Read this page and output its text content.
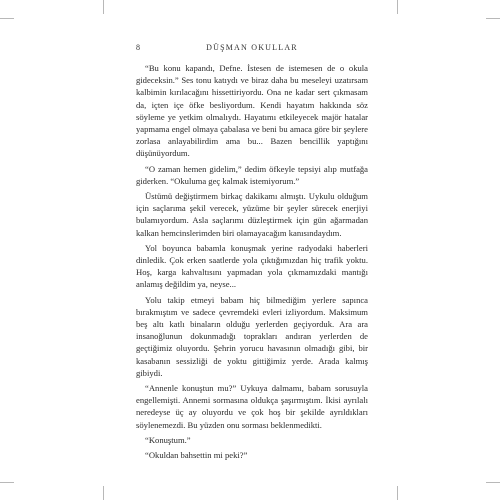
8	DÜŞMAN OKULLAR

“Bu konu kapandı, Defne. İstesen de istemesen de o okula gideceksin.” Ses tonu katıydı ve biraz daha bu meseleyi uzatırsam kalbimin kırılacağını hissettiriyordu. Ona ne kadar sert çıkmasam da, içten içe öfke besliyordum. Kendi hayatım hakkında söz söyleme ye yetkim olmalıydı. Hayatımı etkileyecek majör hatalar yapmama engel olmaya çabalasa ve beni bu amaca göre bir şeylere zorlasa anlayabilirdim ama bu... Bazen bencillik yaptığını düşünüyordum.

“O zaman hemen gidelim,” dedim öfkeyle tepsiyi alıp mutfağa giderken. “Okuluma geç kalmak istemiyorum.”

Üstümü değiştirmem birkaç dakikamı almıştı. Uykulu olduğum için saçlarıma şekil verecek, yüzüme bir şeyler sürecek enerjiyi bulamıyordum. Asla saçlarımı düzleştirmek için gün ağarmadan kalkan hemcinslerimden biri olamayacağım kanısındaydım.

Yol boyunca babamla konuşmak yerine radyodaki haberleri dinledik. Çok erken saatlerde yola çıktığımızdan hiç trafik yoktu. Hoş, karga kahvaltısını yapmadan yola çıkmamızdaki mantığı anlamış değildim ya, neyse...

Yolu takip etmeyi babam hiç bilmediğim yerlere sapınca bırakmıştım ve sadece çevremdeki evleri izliyordum. Maksimum beş altı katlı binaların olduğu yerlerden geçiyorduk. Ara ara insanoğlunun dokunmadığı toprakları andıran yerlerden de geçtiğimiz oluyordu. Şehrin yorucu havasının olmadığı gibi, bir kasabanın sessizliği de yoktu gittiğimiz yerde. Arada kalmış gibiydi.

“Annenle konuştun mu?” Uykuya dalmamı, babam sorusuyla engellemişti. Annemi sormasına oldukça şaşırmıştım. İkisi ayrılalı neredeyse üç ay oluyordu ve çok hoş bir şekilde ayrıldıkları söylenemezdi. Bu yüzden onu sorması beklenmedikti.

“Konuştum.”

“Okuldan bahsettin mi peki?”
